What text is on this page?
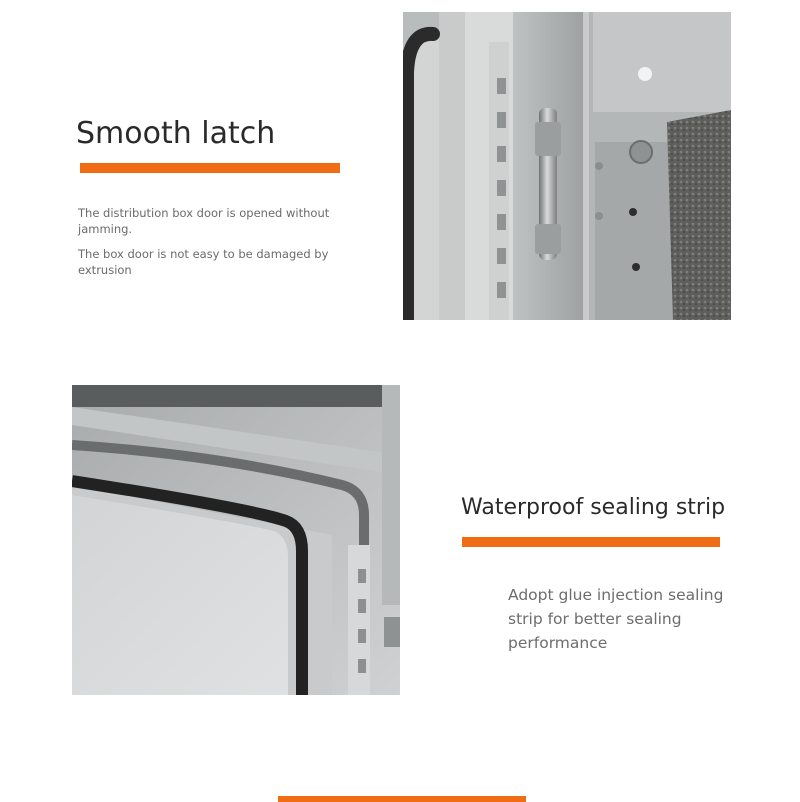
Smooth latch

The distribution box door is opened without jamming.

The box door is not easy to be damaged by extrusion

Waterproof sealing strip

Adopt glue injection sealing strip for better sealing performance
